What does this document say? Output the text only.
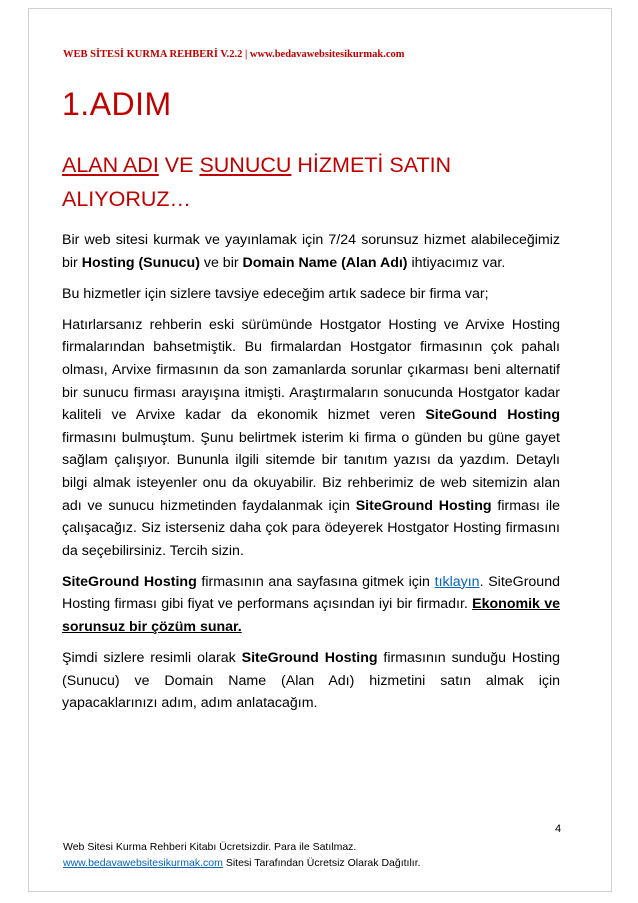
WEB SİTESİ KURMA REHBERİ V.2.2 | www.bedavawebsitesikurmak.com
1.ADIM
ALAN ADI VE SUNUCU HİZMETİ SATIN ALIYORUZ…

Bir web sitesi kurmak ve yayınlamak için 7/24 sorunsuz hizmet alabileceğimiz bir Hosting (Sunucu) ve bir Domain Name (Alan Adı) ihtiyacımız var.

Bu hizmetler için sizlere tavsiye edeceğim artık sadece bir firma var;

Hatırlarsanız rehberin eski sürümünde Hostgator Hosting ve Arvixe Hosting firmalarından bahsetmiştik. Bu firmalardan Hostgator firmasının çok pahalı olması, Arvixe firmasının da son zamanlarda sorunlar çıkarması beni alternatif bir sunucu firması arayışına itmişti. Araştırmaların sonucunda Hostgator kadar kaliteli ve Arvixe kadar da ekonomik hizmet veren SiteGound Hosting firmasını bulmuştum. Şunu belirtmek isterim ki firma o günden bu güne gayet sağlam çalışıyor. Bununla ilgili sitemde bir tanıtım yazısı da yazdım. Detaylı bilgi almak isteyenler onu da okuyabilir. Biz rehberimiz de web sitemizin alan adı ve sunucu hizmetinden faydalanmak için SiteGround Hosting firması ile çalışacağız. Siz isterseniz daha çok para ödeyerek Hostgator Hosting firmasını da seçebilirsiniz. Tercih sizin.

SiteGround Hosting firmasının ana sayfasına gitmek için tıklayın. SiteGround Hosting firması gibi fiyat ve performans açısından iyi bir firmadır. Ekonomik ve sorunsuz bir çözüm sunar.

Şimdi sizlere resimli olarak SiteGround Hosting firmasının sunduğu Hosting (Sunucu) ve Domain Name (Alan Adı) hizmetini satın almak için yapacaklarınızı adım, adım anlatacağım.

4
Web Sitesi Kurma Rehberi Kitabı Ücretsizdir. Para ile Satılmaz.
www.bedavawebsitesikurmak.com Sitesi Tarafından Ücretsiz Olarak Dağıtılır.
